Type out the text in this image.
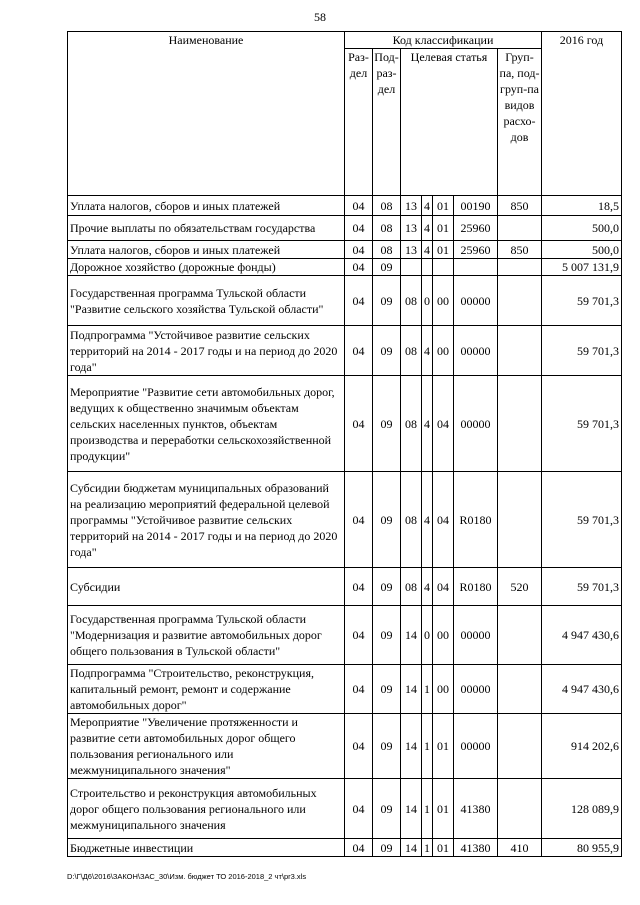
58
Наименование	Код классификации							2016 год
	Раз-дел	Под-раз-дел	Целевая статья				Груп-па, под-груп-па видов расхо-дов	
Уплата налогов, сборов и иных платежей	04	08	13	4	01	00190	850	18,5
Прочие выплаты по обязательствам государства	04	08	13	4	01	25960		500,0
Уплата налогов, сборов и иных платежей	04	08	13	4	01	25960	850	500,0
Дорожное хозяйство (дорожные фонды)	04	09						5 007 131,9
Государственная программа Тульской области "Развитие сельского хозяйства Тульской области"	04	09	08	0	00	00000		59 701,3
Подпрограмма "Устойчивое развитие сельских территорий на 2014 - 2017 годы и на период до 2020 года"	04	09	08	4	00	00000		59 701,3
Мероприятие "Развитие сети автомобильных дорог, ведущих к общественно значимым объектам сельских населенных пунктов, объектам производства и переработки сельскохозяйственной продукции"	04	09	08	4	04	00000		59 701,3
Субсидии бюджетам муниципальных образований на реализацию мероприятий федеральной целевой программы "Устойчивое развитие сельских территорий на 2014 - 2017 годы и на период до 2020 года"	04	09	08	4	04	R0180		59 701,3
Субсидии	04	09	08	4	04	R0180	520	59 701,3
Государственная программа Тульской области "Модернизация и развитие автомобильных дорог общего пользования в Тульской области"	04	09	14	0	00	00000		4 947 430,6
Подпрограмма "Строительство, реконструкция, капитальный ремонт, ремонт и содержание автомобильных дорог"	04	09	14	1	00	00000		4 947 430,6
Мероприятие "Увеличение протяженности и развитие сети автомобильных дорог общего пользования регионального или межмуниципального значения"	04	09	14	1	01	00000		914 202,6
Строительство и реконструкция автомобильных дорог общего пользования регионального или межмуниципального значения	04	09	14	1	01	41380		128 089,9
Бюджетные инвестиции	04	09	14	1	01	41380	410	80 955,9
D:\Г\Д6\2016\ЗАКОН\ЗАС_30\Изм. бюджет ТО 2016-2018_2 чт\pr3.xls
